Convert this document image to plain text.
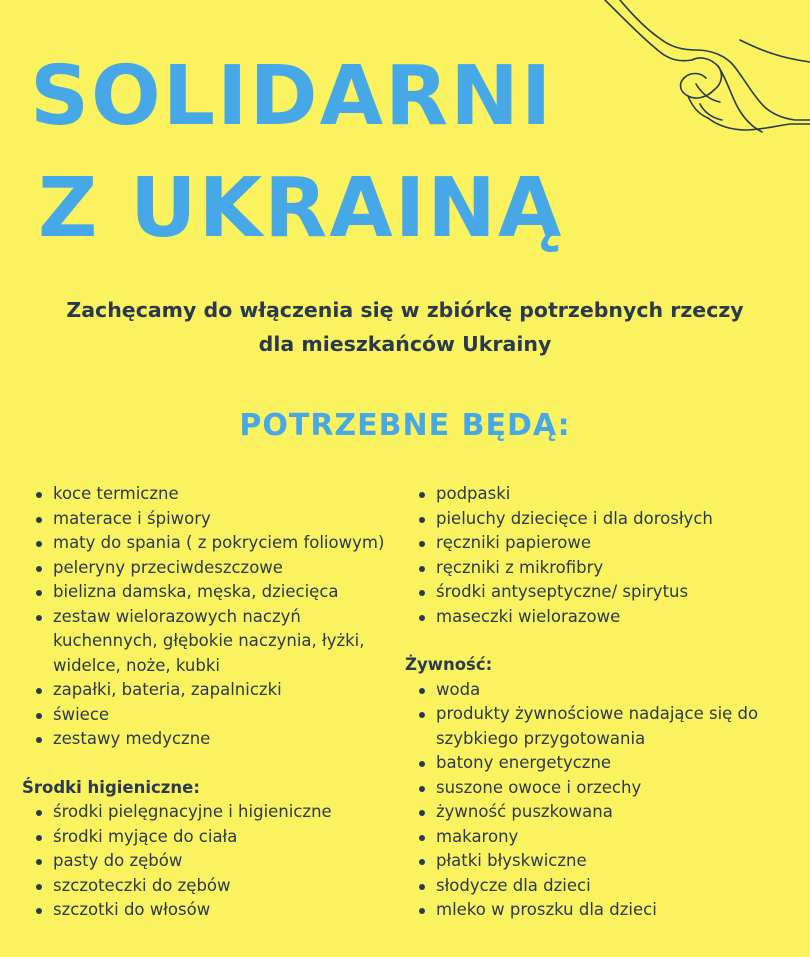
SOLIDARNI
Z UKRAINĄ

Zachęcamy do włączenia się w zbiórkę potrzebnych rzeczy
dla mieszkańców Ukrainy

POTRZEBNE BĘDĄ:
koce termiczne
materace i śpiwory
maty do spania ( z pokryciem foliowym)
peleryny przeciwdeszczowe
bielizna damska, męska, dziecięca
zestaw wielorazowych naczyń kuchennych, głębokie naczynia, łyżki, widelce, noże, kubki
zapałki, bateria, zapalniczki
świece
zestawy medyczne

Środki higieniczne:

środki pielęgnacyjne i higieniczne
środki myjące do ciała
pasty do zębów
szczoteczki do zębów
szczotki do włosów
podpaski
pieluchy dziecięce i dla dorosłych
ręczniki papierowe
ręczniki z mikrofibry
środki antyseptyczne/ spirytus
maseczki wielorazowe

Żywność:

woda
produkty żywnościowe nadające się do szybkiego przygotowania
batony energetyczne
suszone owoce i orzechy
żywność puszkowana
makarony
płatki błyskwiczne
słodycze dla dzieci
mleko w proszku dla dzieci
